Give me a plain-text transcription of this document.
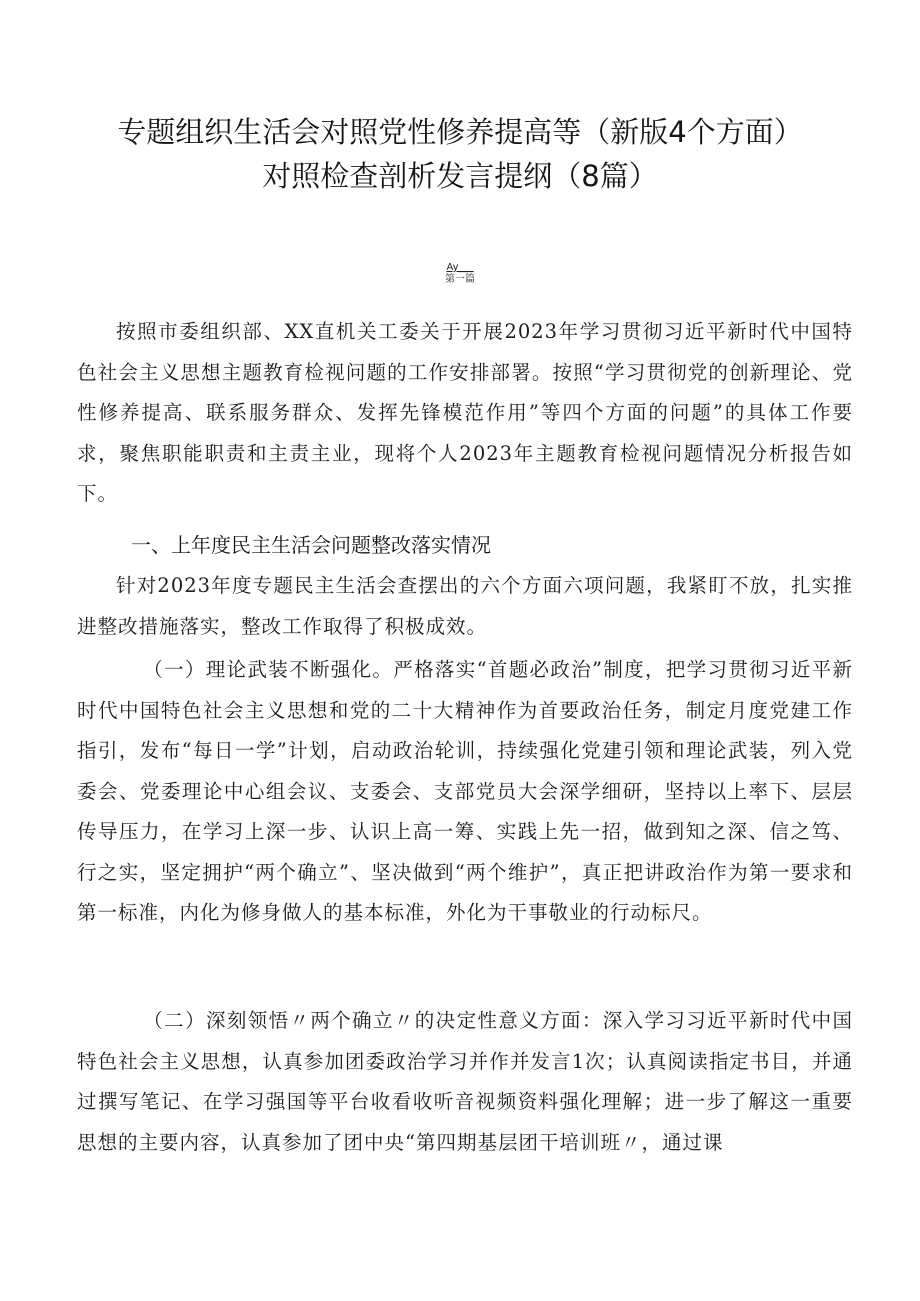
专题组织生活会对照党性修养提高等（新版4个方面）
对照检查剖析发言提纲（8篇）
Ay___
第一篇

按照市委组织部、XX直机关工委关于开展2023年学习贯彻习近平新时代中国特色社会主义思想主题教育检视问题的工作安排部署。按照“学习贯彻党的创新理论、党性修养提高、联系服务群众、发挥先锋模范作用”等四个方面的问题”的具体工作要求，聚焦职能职责和主责主业，现将个人2023年主题教育检视问题情况分析报告如下。

一、上年度民主生活会问题整改落实情况

针对2023年度专题民主生活会查摆出的六个方面六项问题，我紧盯不放，扎实推进整改措施落实，整改工作取得了积极成效。

（一）理论武装不断强化。严格落实“首题必政治”制度，把学习贯彻习近平新时代中国特色社会主义思想和党的二十大精神作为首要政治任务，制定月度党建工作指引，发布“每日一学”计划，启动政治轮训，持续强化党建引领和理论武装，列入党委会、党委理论中心组会议、支委会、支部党员大会深学细研，坚持以上率下、层层传导压力，在学习上深一步、认识上高一筹、实践上先一招，做到知之深、信之笃、行之实，坚定拥护“两个确立”、坚决做到“两个维护”，真正把讲政治作为第一要求和第一标准，内化为修身做人的基本标准，外化为干事敬业的行动标尺。

（二）深刻领悟〃两个确立〃的决定性意义方面：深入学习习近平新时代中国特色社会主义思想，认真参加团委政治学习并作并发言1次；认真阅读指定书目，并通过撰写笔记、在学习强国等平台收看收听音视频资料强化理解；进一步了解这一重要思想的主要内容，认真参加了团中央“第四期基层团干培训班〃，通过课
